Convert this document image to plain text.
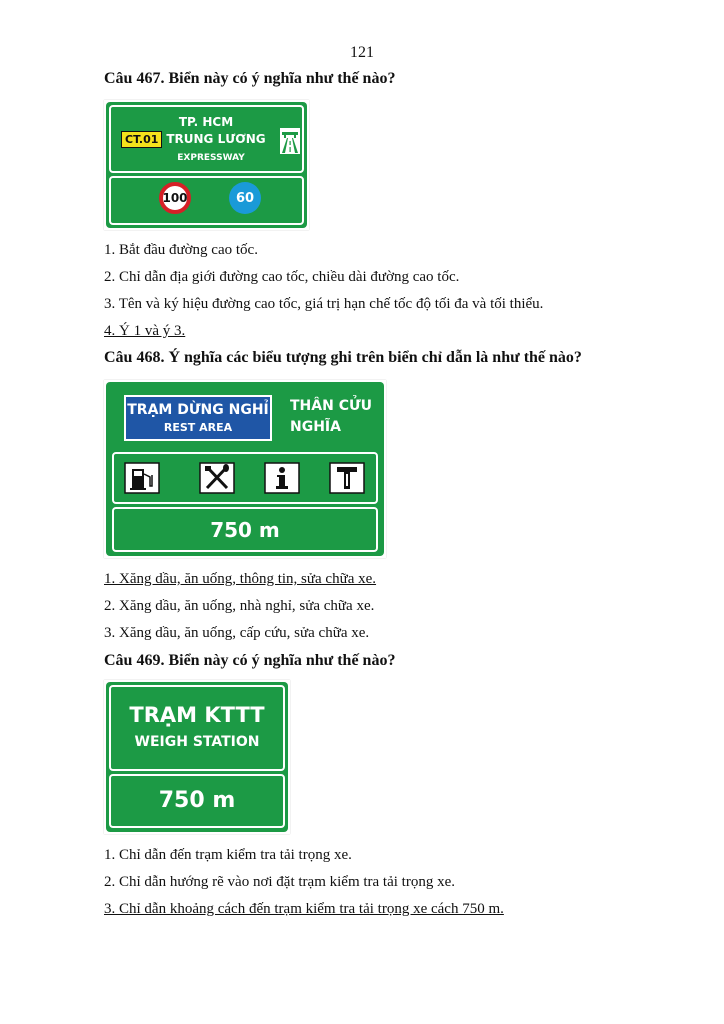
121
Câu 467. Biển này có ý nghĩa như thế nào?
CT.01
TP. HCM
TRUNG LƯƠNG
EXPRESSWAY
100	60
1. Bắt đầu đường cao tốc.
2. Chỉ dẫn địa giới đường cao tốc, chiều dài đường cao tốc.
3. Tên và ký hiệu đường cao tốc, giá trị hạn chế tốc độ tối đa và tối thiểu.
4. Ý 1 và ý 3.
Câu 468. Ý nghĩa các biểu tượng ghi trên biển chỉ dẫn là như thế nào?
TRẠM DỪNG NGHỈ
REST AREA
THÂN CỬU
NGHĨA
750 m
1. Xăng dầu, ăn uống, thông tin, sửa chữa xe.
2. Xăng dầu, ăn uống, nhà nghỉ, sửa chữa xe.
3. Xăng dầu, ăn uống, cấp cứu, sửa chữa xe.
Câu 469. Biển này có ý nghĩa như thế nào?
TRẠM KTTT
WEIGH STATION
750 m
1. Chỉ dẫn đến trạm kiểm tra tải trọng xe.
2. Chỉ dẫn hướng rẽ vào nơi đặt trạm kiểm tra tải trọng xe.
3. Chỉ dẫn khoảng cách đến trạm kiểm tra tải trọng xe cách 750 m.
